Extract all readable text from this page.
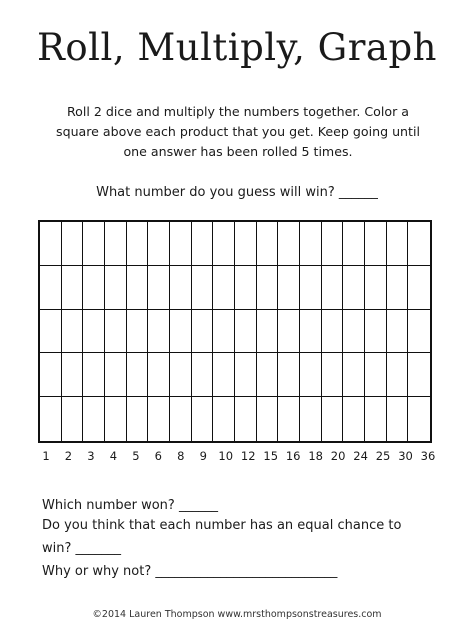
Roll, Multiply, Graph
Roll 2 dice and multiply the numbers together. Color a square above each product that you get. Keep going until one answer has been rolled 5 times.
What number do you guess will win? ______
1 2 3 4 5 6 8 9 10 12 15 16 18 20 24 25 30 36
Which number won? ______
Do you think that each number has an equal chance to
win? _______
Why or why not? ____________________________
©2014 Lauren Thompson www.mrsthompsonstreasures.com
